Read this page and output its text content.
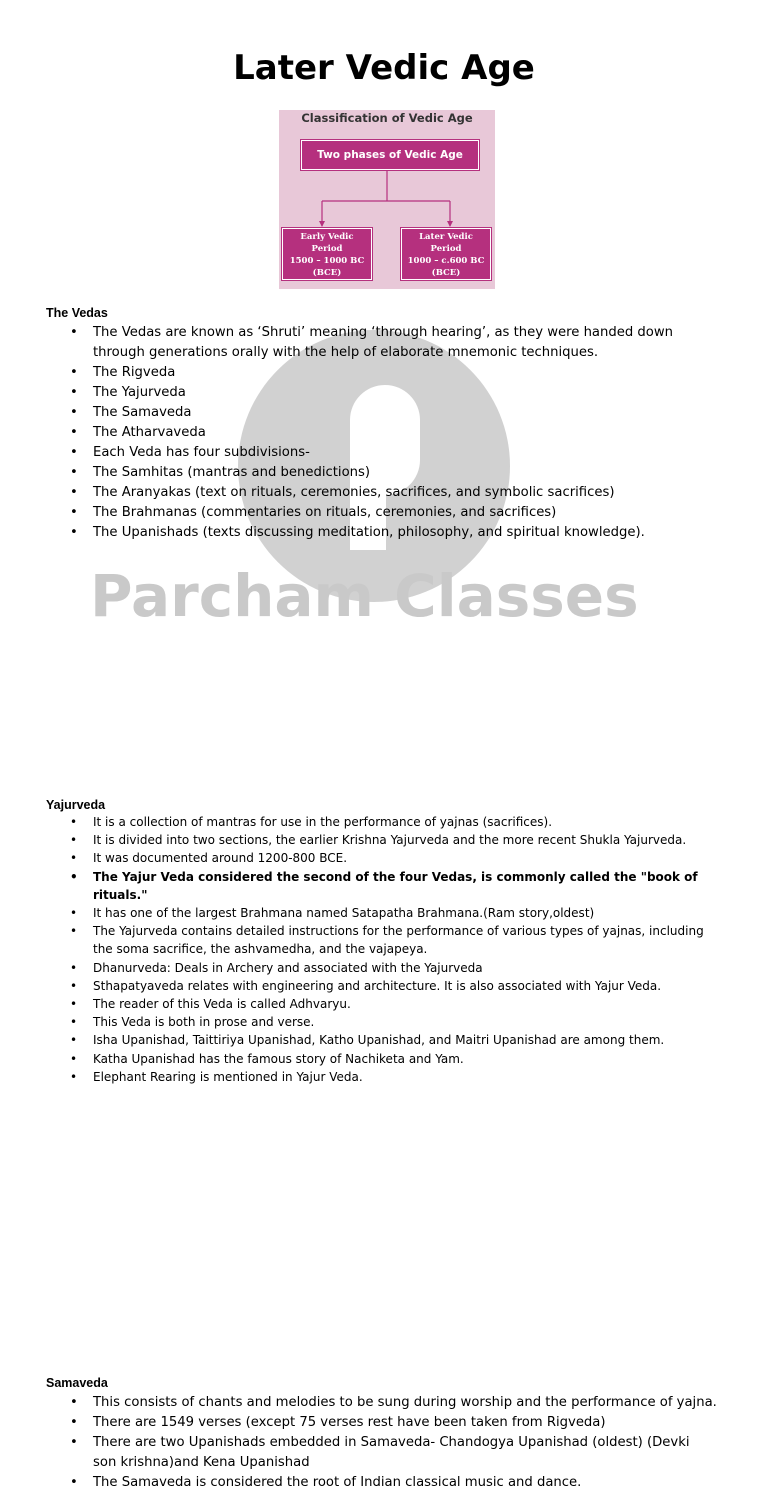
Later Vedic Age
Classification of Vedic Age
Two phases of Vedic Age
Early Vedic
Period
1500 – 1000 BC
(BCE)
Later Vedic
Period
1000 – c.600 BC
(BCE)
Parcham Classes

The Vedas

• The Vedas are known as ‘Shruti’ meaning ‘through hearing’, as they were handed down through generations orally with the help of elaborate mnemonic techniques.
• The Rigveda
• The Yajurveda
• The Samaveda
• The Atharvaveda
• Each Veda has four subdivisions-
• The Samhitas (mantras and benedictions)
• The Aranyakas (text on rituals, ceremonies, sacrifices, and symbolic sacrifices)
• The Brahmanas (commentaries on rituals, ceremonies, and sacrifices)
• The Upanishads (texts discussing meditation, philosophy, and spiritual knowledge).

Yajurveda

• It is a collection of mantras for use in the performance of yajnas (sacrifices).
• It is divided into two sections, the earlier Krishna Yajurveda and the more recent Shukla Yajurveda.
• It was documented around 1200-800 BCE.
• The Yajur Veda considered the second of the four Vedas, is commonly called the "book of rituals."
• It has one of the largest Brahmana named Satapatha Brahmana.(Ram story,oldest)
• The Yajurveda contains detailed instructions for the performance of various types of yajnas, including the soma sacrifice, the ashvamedha, and the vajapeya.
• Dhanurveda: Deals in Archery and associated with the Yajurveda
• Sthapatyaveda relates with engineering and architecture. It is also associated with Yajur Veda.
• The reader of this Veda is called Adhvaryu.
• This Veda is both in prose and verse.
• Isha Upanishad, Taittiriya Upanishad, Katho Upanishad, and Maitri Upanishad are among them.
• Katha Upanishad has the famous story of Nachiketa and Yam.
• Elephant Rearing is mentioned in Yajur Veda.

Samaveda

• This consists of chants and melodies to be sung during worship and the performance of yajna.
• There are 1549 verses (except 75 verses rest have been taken from Rigveda)
• There are two Upanishads embedded in Samaveda- Chandogya Upanishad (oldest) (Devki son krishna)and Kena Upanishad
• The Samaveda is considered the root of Indian classical music and dance.
